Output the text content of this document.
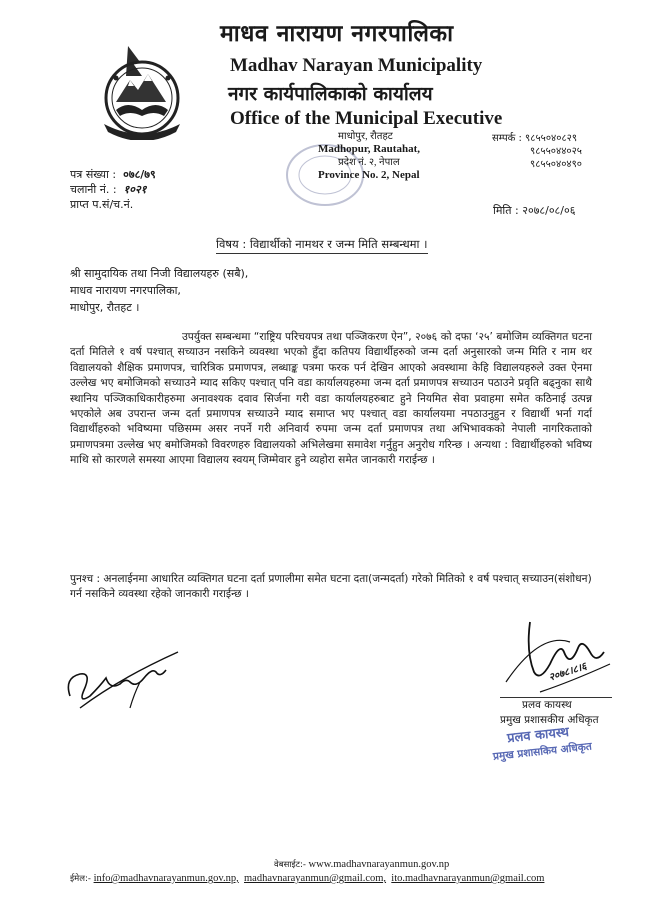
माधव नारायण नगरपालिका
Madhav Narayan Municipality
नगर कार्यपालिकाको कार्यालय
Office of the Municipal Executive
माधोपुर, रौतहट
Madhopur, Rautahat,
प्रदेश नं. २, नेपाल
Province No. 2, Nepal
सम्पर्क : ९८५५०४०८२९
९८५५०४४०२५
९८५५०४०४९०
पत्र संख्या : ०७८/७९
चलानी नं. : १०२१
प्राप्त प.सं/च.नं.	मिति : २०७८/०८/०६
विषय : विद्यार्थीको नामथर र जन्म मिति सम्बन्धमा ।
श्री सामुदायिक तथा निजी विद्यालयहरु (सबै),
माधव नारायण नगरपालिका,
माधोपुर, रौतहट ।

उपर्युक्त सम्बन्धमा “राष्ट्रिय परिचयपत्र तथा पञ्जिकरण ऐन”, २०७६ को दफा ‘२५’ बमोजिम व्यक्तिगत घटना दर्ता मितिले १ वर्ष पश्चात् सच्याउन नसकिने व्यवस्था भएको हुँदा कतिपय विद्यार्थीहरुको जन्म दर्ता अनुसारको जन्म मिति र नाम थर विद्यालयको शैक्षिक प्रमाणपत्र, चारित्रिक प्रमाणपत्र, लब्धाङ्क पत्रमा फरक पर्न देखिन आएको अवस्थामा केहि विद्यालयहरुले उक्त ऐनमा उल्लेख भए बमोजिमको सच्याउने म्याद सकिए पश्चात् पनि वडा कार्यालयहरुमा जन्म दर्ता प्रमाणपत्र सच्याउन पठाउने प्रवृति बढ्नुका साथै स्थानिय पञ्जिकाधिकारीहरुमा अनावश्यक दवाव सिर्जना गरी वडा कार्यालयहरुबाट हुने नियमित सेवा प्रवाहमा समेत कठिनाई उत्पन्न भएकोले अब उपरान्त जन्म दर्ता प्रमाणपत्र सच्याउने म्याद समाप्त भए पश्चात् वडा कार्यालयमा नपठाउनुहुन र विद्यार्थी भर्ना गर्दा विद्यार्थीहरुको भविष्यमा पछिसम्म असर नपर्ने गरी अनिवार्य रुपमा जन्म दर्ता प्रमाणपत्र तथा अभिभावकको नेपाली नागरिकताको प्रमाणपत्रमा उल्लेख भए बमोजिमको विवरणहरु विद्यालयको अभिलेखमा समावेश गर्नुहुन अनुरोध गरिन्छ । अन्यथा : विद्यार्थीहरुको भविष्य माथि सो कारणले समस्या आएमा विद्यालय स्वयम् जिम्मेवार हुने व्यहोरा समेत जानकारी गराईन्छ ।

पुनश्च : अनलाईनमा आधारित व्यक्तिगत घटना दर्ता प्रणालीमा समेत घटना दता(जन्मदर्ता) गरेको मितिको १ वर्ष पश्चात् सच्याउन(संशोधन) गर्न नसकिने व्यवस्था रहेको जानकारी गराईन्छ ।
२०७८।८।६
प्रलव कायस्थ
प्रमुख प्रशासकीय अधिकृत
प्रलव कायस्थ
प्रमुख प्रशासकिय अधिकृत
वेबसाईट:- www.madhavnarayanmun.gov.np
ईमेल:- info@madhavnarayanmun.gov.np, madhavnarayanmun@gmail.com, ito.madhavnarayanmun@gmail.com
